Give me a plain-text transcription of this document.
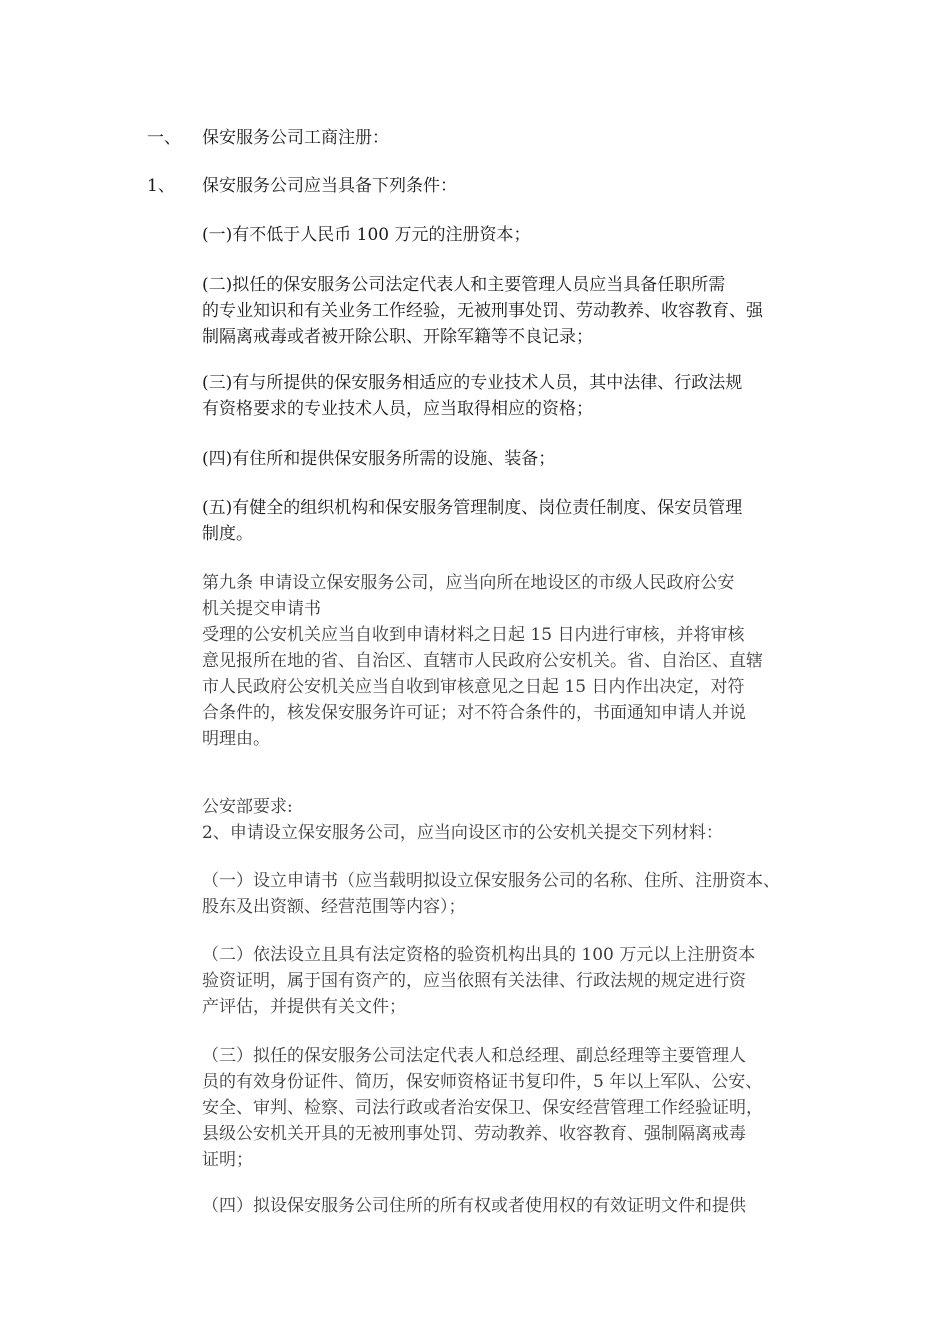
一、 保安服务公司工商注册：
1、 保安服务公司应当具备下列条件：
(一)有不低于人民币 100 万元的注册资本；
(二)拟任的保安服务公司法定代表人和主要管理人员应当具备任职所需
的专业知识和有关业务工作经验，无被刑事处罚、劳动教养、收容教育、强
制隔离戒毒或者被开除公职、开除军籍等不良记录；
(三)有与所提供的保安服务相适应的专业技术人员，其中法律、行政法规
有资格要求的专业技术人员，应当取得相应的资格；
(四)有住所和提供保安服务所需的设施、装备；
(五)有健全的组织机构和保安服务管理制度、岗位责任制度、保安员管理
制度。
第九条 申请设立保安服务公司，应当向所在地设区的市级人民政府公安
机关提交申请书
受理的公安机关应当自收到申请材料之日起 15 日内进行审核，并将审核
意见报所在地的省、自治区、直辖市人民政府公安机关。省、自治区、直辖
市人民政府公安机关应当自收到审核意见之日起 15 日内作出决定，对符
合条件的，核发保安服务许可证；对不符合条件的，书面通知申请人并说
明理由。
公安部要求:
2、申请设立保安服务公司，应当向设区市的公安机关提交下列材料：
（一）设立申请书（应当载明拟设立保安服务公司的名称、住所、注册资本、
股东及出资额、经营范围等内容）；
（二）依法设立且具有法定资格的验资机构出具的 100 万元以上注册资本
验资证明，属于国有资产的，应当依照有关法律、行政法规的规定进行资
产评估，并提供有关文件；
（三）拟任的保安服务公司法定代表人和总经理、副总经理等主要管理人
员的有效身份证件、简历，保安师资格证书复印件，5 年以上军队、公安、
安全、审判、检察、司法行政或者治安保卫、保安经营管理工作经验证明，
县级公安机关开具的无被刑事处罚、劳动教养、收容教育、强制隔离戒毒
证明；
（四）拟设保安服务公司住所的所有权或者使用权的有效证明文件和提供
